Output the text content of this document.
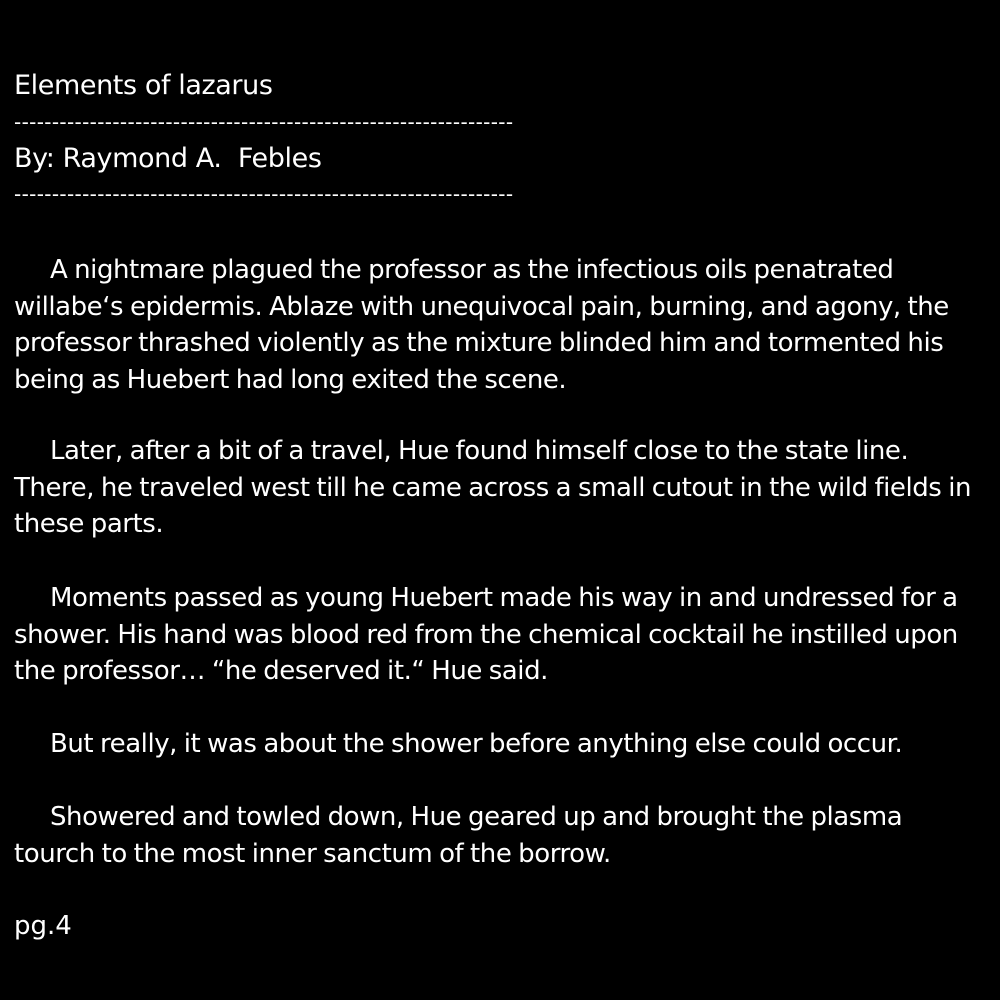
Elements of lazarus
------------------------------------------------------------------
By: Raymond A.  Febles
------------------------------------------------------------------

A nightmare plagued the professor as the infectious oils penatrated willabe‘s epidermis. Ablaze with unequivocal pain, burning, and agony, the professor thrashed violently as the mixture blinded him and tormented his being as Huebert had long exited the scene.

Later, after a bit of a travel, Hue found himself close to the state line. There, he traveled west till he came across a small cutout in the wild fields in these parts.

Moments passed as young Huebert made his way in and undressed for a shower. His hand was blood red from the chemical cocktail he instilled upon the professor… “he deserved it.“ Hue said.

But really, it was about the shower before anything else could occur.

Showered and towled down, Hue geared up and brought the plasma tourch to the most inner sanctum of the borrow.

pg.4
